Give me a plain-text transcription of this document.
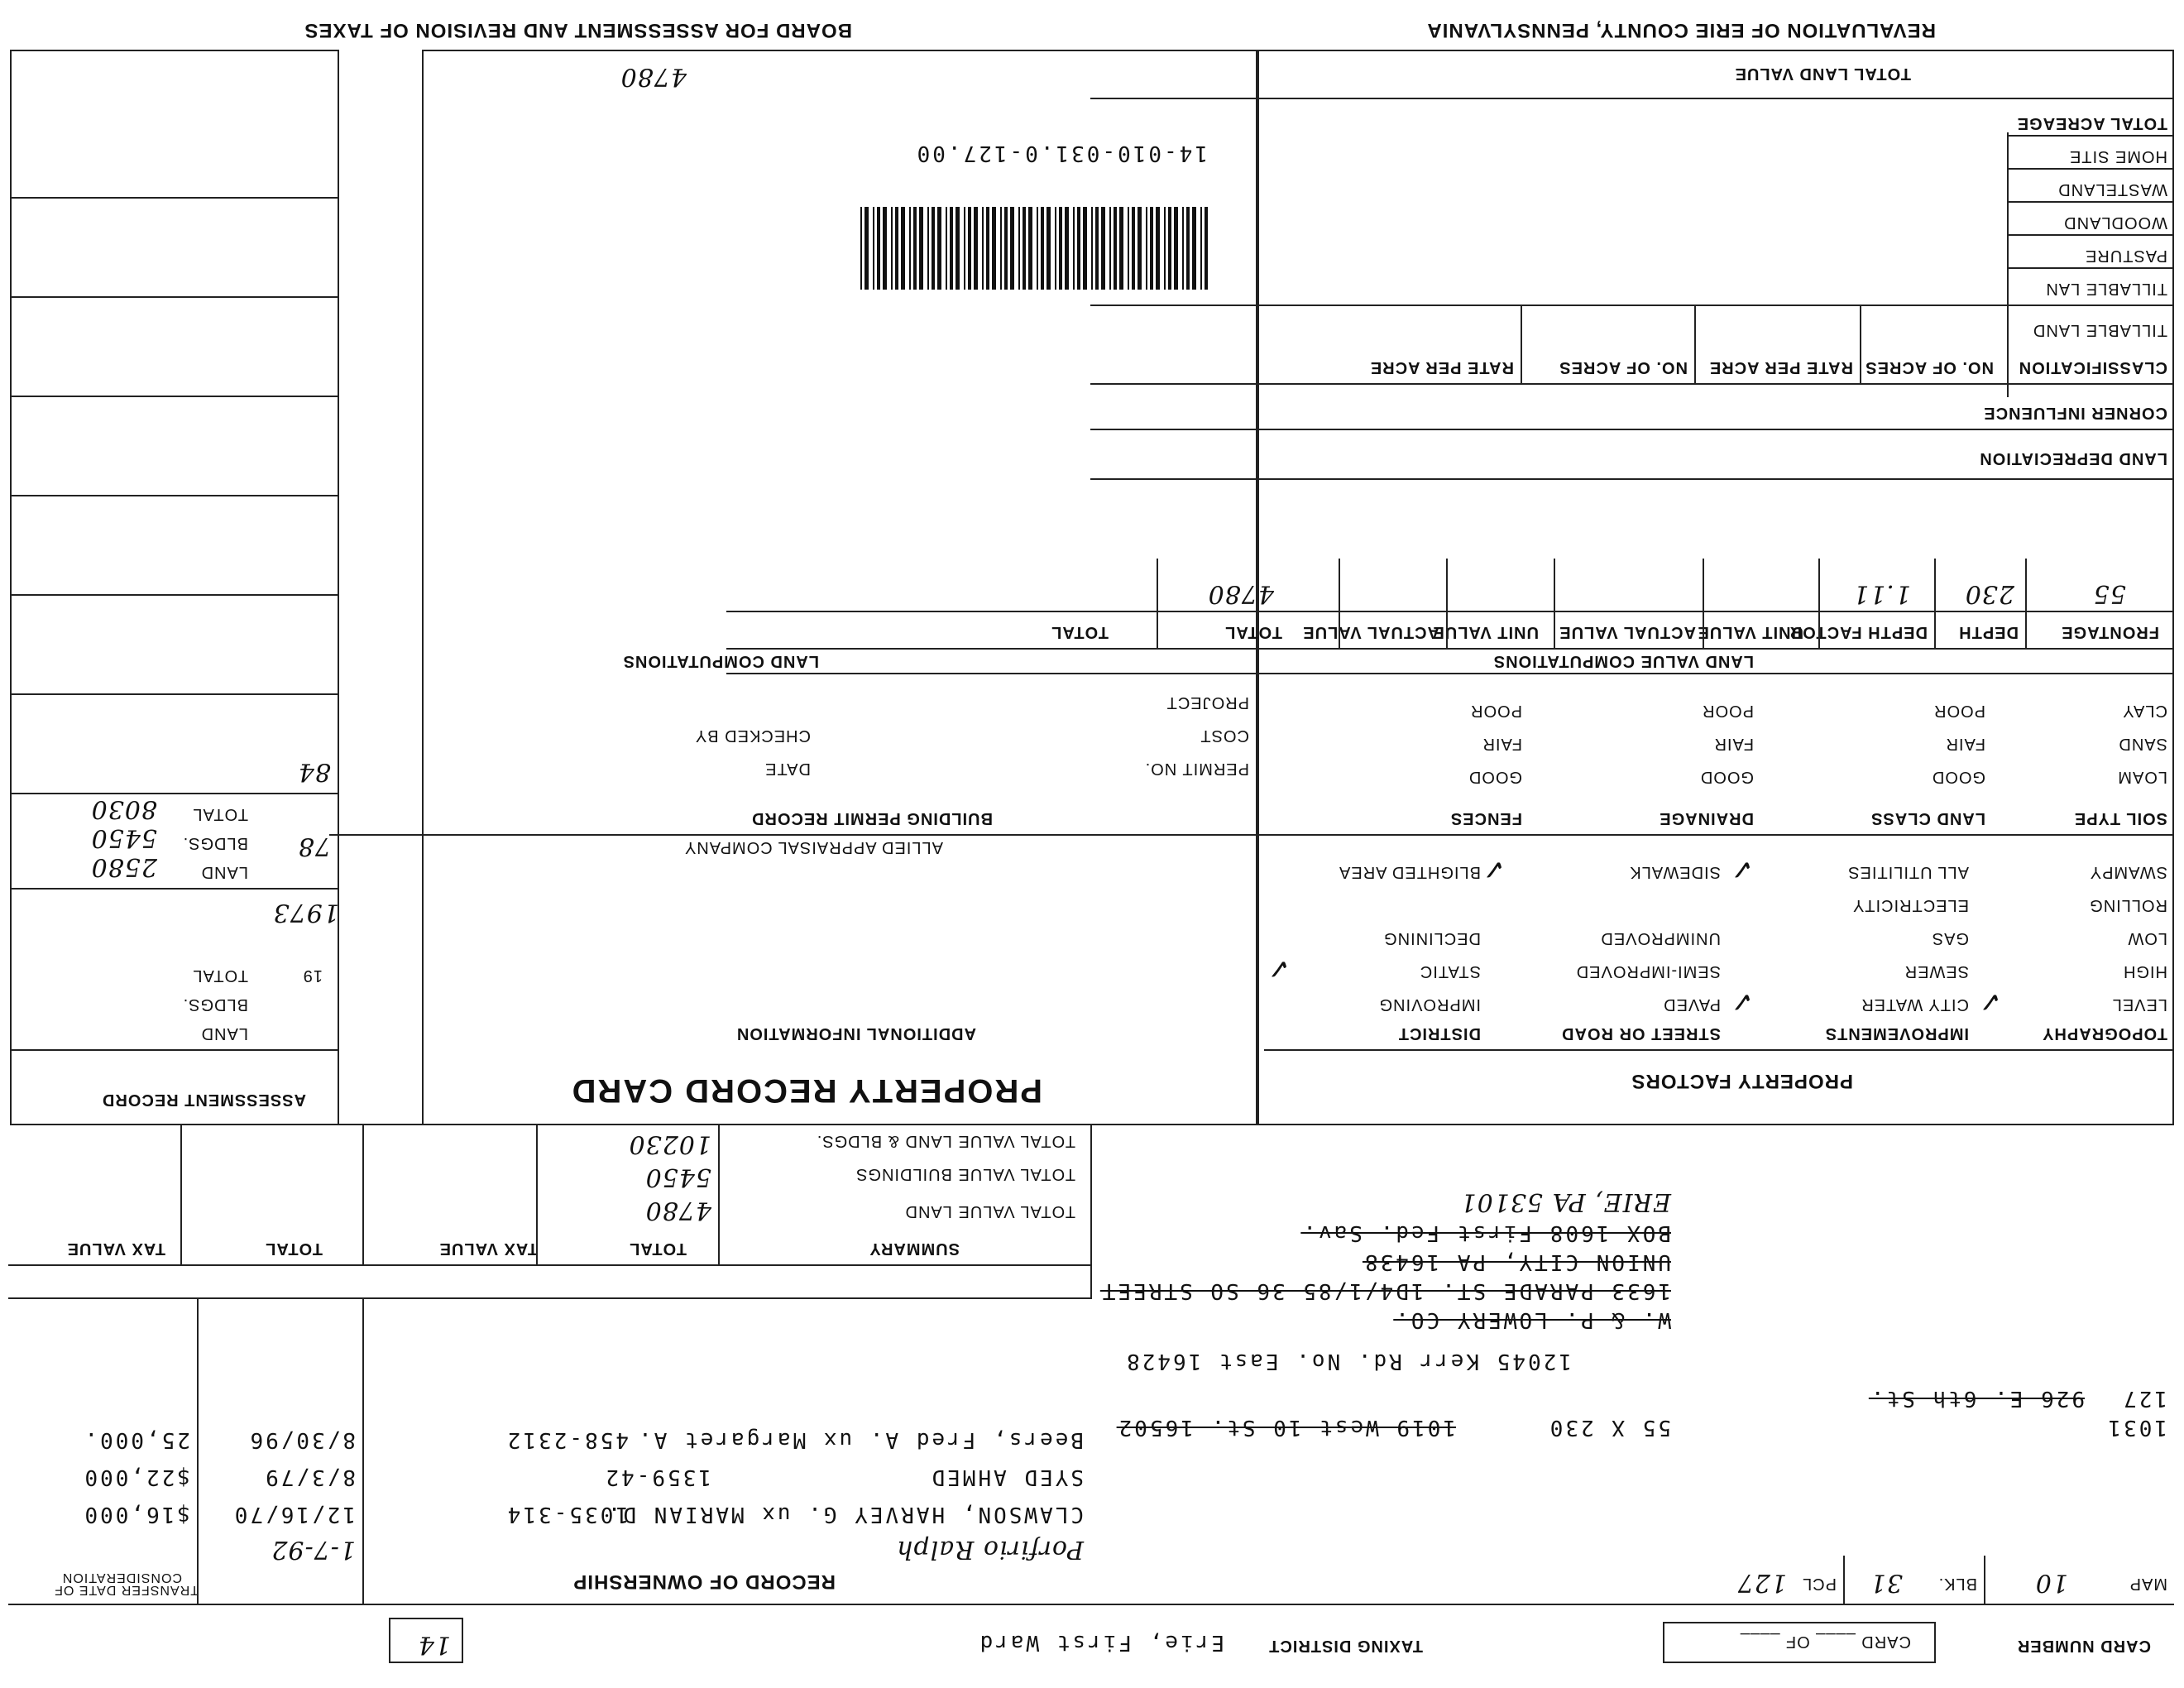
REVALUATION OF ERIE COUNTY, PENNSYLVANIA
BOARD FOR ASSESSMENT AND REVISION OF TAXES
TOTAL LAND VALUE
4780
TOTAL ACREAGE
HOME SITE
WASTELAND
WOODLAND
PASTURE
TILLABLE LAN
TILLABLE LAND
14-010-031.0-127.00
CLASSIFICATION
NO. OF ACRES
RATE PER ACRE
NO. OF ACRES
RATE PER ACRE
CORNER INFLUENCE
LAND DEPRECIATION
FRONTAGE
DEPTH
DEPTH FACTOR
UNIT VALUE
ACTUAL VALUE
UNIT VALUE
ACTUAL VALUE
TOTAL
TOTAL
55
230
1.11
4780
LAND VALUE COMPUTATIONS
LAND COMPUTATIONS
SOIL TYPE
LAND CLASS
DRAINAGE
FENCES
LOAM
SAND
CLAY
GOOD
FAIR
POOR
GOOD
FAIR
POOR
GOOD
FAIR
POOR
BUILDING PERMIT RECORD
PERMIT NO.
DATE
COST
CHECKED BY
PROJECT
ALLIED APPRAISAL COMPANY
TOPOGRAPHY
IMPROVEMENTS
STREET OR ROAD
DISTRICT
LEVEL
HIGH
LOW
ROLLING
SWAMPY
CITY WATER
SEWER
GAS
ELECTRICITY
ALL UTILITIES
PAVED
SEMI-IMPROVED
UNIMPROVED
SIDEWALK
IMPROVING
STATIC
DECLINING
BLIGHTED AREA
✓
✓
✓
✓
✓
PROPERTY FACTORS
PROPERTY RECORD CARD
ADDITIONAL INFORMATION
ASSESSMENT RECORD
LAND
BLDGS.
TOTAL
LAND
BLDGS.
TOTAL
19
1973
78
84
2580
5450
8030
SUMMARY
TOTAL
TAX VALUE
TOTAL
TAX VALUE
TOTAL VALUE LAND
TOTAL VALUE BUILDINGS
TOTAL VALUE LAND & BLDGS.
4780
5450
10230
RECORD OF OWNERSHIP
TRANSFER DATE OF
CONSIDERATION
Porfirio Ralph
1-7-92
CLAWSON, HARVEY G. ux MARIAN D.
1035-314
12/16/70
$16,000
SYED AHMED
1359-42
8/3/79
$22,000
Beers, Fred A. ux Margaret A.
458-2312
8/30/96
25,000.	1031
127
926 E. 6th St.
55 X 230
1019 West 10 St. 16502
12045 Kerr Rd. No. East 16428
W. & P. LOWERY CO.
1633 PARADE ST. 1D4/1/85 36 SO STREET
UNION CITY, PA 16438
BOX 1608 First Fed. Sav.
ERIE, PA 53101
MAP
10
BLK.
31
PCL
127
CARD NUMBER
CARD ____ OF ____
TAXING DISTRICT
Erie, First Ward
14
